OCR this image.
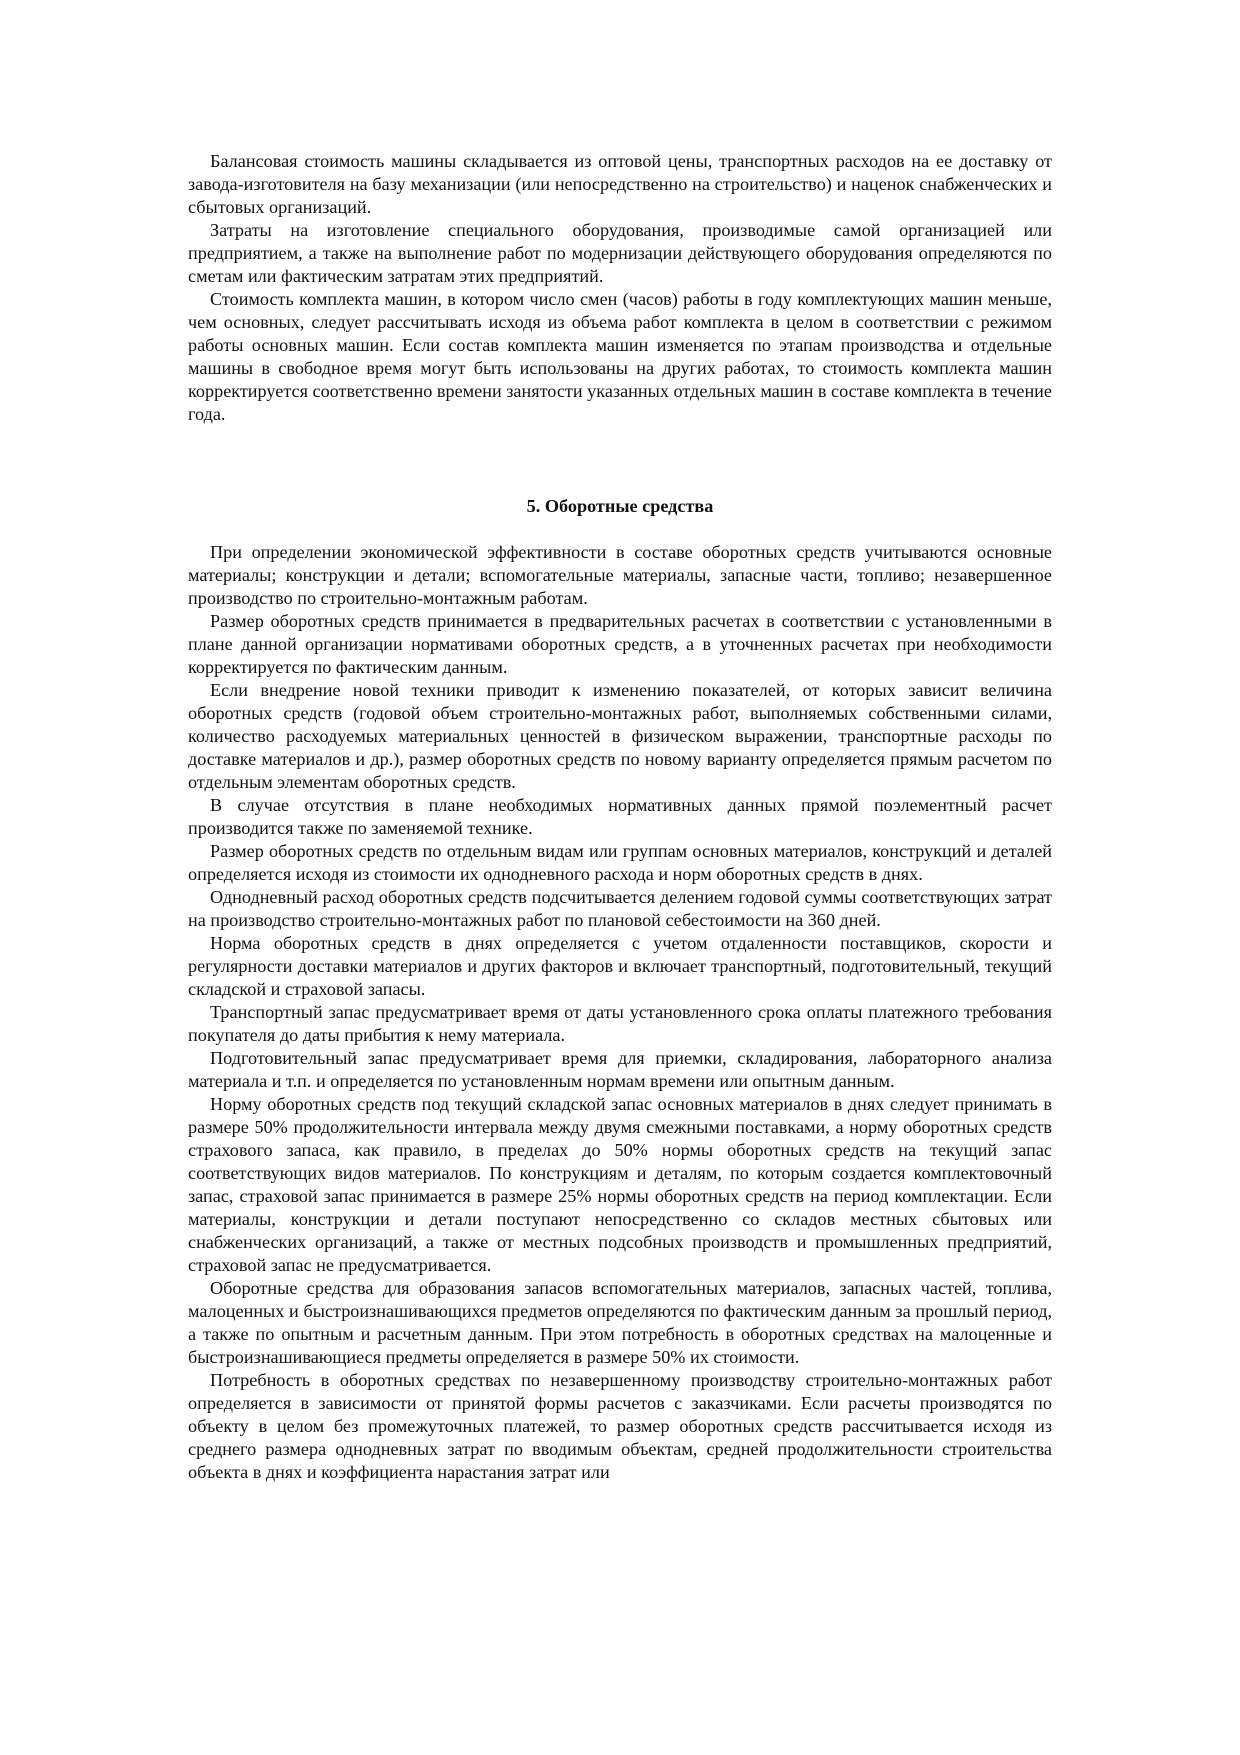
Балансовая стоимость машины складывается из оптовой цены, транспортных расходов на ее доставку от завода-изготовителя на базу механизации (или непосредственно на строительство) и наценок снабженческих и сбытовых организаций.

Затраты на изготовление специального оборудования, производимые самой организацией или предприятием, а также на выполнение работ по модернизации действующего оборудования определяются по сметам или фактическим затратам этих предприятий.

Стоимость комплекта машин, в котором число смен (часов) работы в году комплектующих машин меньше, чем основных, следует рассчитывать исходя из объема работ комплекта в целом в соответствии с режимом работы основных машин. Если состав комплекта машин изменяется по этапам производства и отдельные машины в свободное время могут быть использованы на других работах, то стоимость комплекта машин корректируется соответственно времени занятости указанных отдельных машин в составе комплекта в течение года.

5. Оборотные средства

При определении экономической эффективности в составе оборотных средств учитываются основные материалы; конструкции и детали; вспомогательные материалы, запасные части, топливо; незавершенное производство по строительно-монтажным работам.

Размер оборотных средств принимается в предварительных расчетах в соответствии с установленными в плане данной организации нормативами оборотных средств, а в уточненных расчетах при необходимости корректируется по фактическим данным.

Если внедрение новой техники приводит к изменению показателей, от которых зависит величина оборотных средств (годовой объем строительно-монтажных работ, выполняемых собственными силами, количество расходуемых материальных ценностей в физическом выражении, транспортные расходы по доставке материалов и др.), размер оборотных средств по новому варианту определяется прямым расчетом по отдельным элементам оборотных средств.

В случае отсутствия в плане необходимых нормативных данных прямой поэлементный расчет производится также по заменяемой технике.

Размер оборотных средств по отдельным видам или группам основных материалов, конструкций и деталей определяется исходя из стоимости их однодневного расхода и норм оборотных средств в днях.

Однодневный расход оборотных средств подсчитывается делением годовой суммы соответствующих затрат на производство строительно-монтажных работ по плановой себестоимости на 360 дней.

Норма оборотных средств в днях определяется с учетом отдаленности поставщиков, скорости и регулярности доставки материалов и других факторов и включает транспортный, подготовительный, текущий складской и страховой запасы.

Транспортный запас предусматривает время от даты установленного срока оплаты платежного требования покупателя до даты прибытия к нему материала.

Подготовительный запас предусматривает время для приемки, складирования, лабораторного анализа материала и т.п. и определяется по установленным нормам времени или опытным данным.

Норму оборотных средств под текущий складской запас основных материалов в днях следует принимать в размере 50% продолжительности интервала между двумя смежными поставками, а норму оборотных средств страхового запаса, как правило, в пределах до 50% нормы оборотных средств на текущий запас соответствующих видов материалов. По конструкциям и деталям, по которым создается комплектовочный запас, страховой запас принимается в размере 25% нормы оборотных средств на период комплектации. Если материалы, конструкции и детали поступают непосредственно со складов местных сбытовых или снабженческих организаций, а также от местных подсобных производств и промышленных предприятий, страховой запас не предусматривается.

Оборотные средства для образования запасов вспомогательных материалов, запасных частей, топлива, малоценных и быстроизнашивающихся предметов определяются по фактическим данным за прошлый период, а также по опытным и расчетным данным. При этом потребность в оборотных средствах на малоценные и быстроизнашивающиеся предметы определяется в размере 50% их стоимости.

Потребность в оборотных средствах по незавершенному производству строительно-монтажных работ определяется в зависимости от принятой формы расчетов с заказчиками. Если расчеты производятся по объекту в целом без промежуточных платежей, то размер оборотных средств рассчитывается исходя из среднего размера однодневных затрат по вводимым объектам, средней продолжительности строительства объекта в днях и коэффициента нарастания затрат или
